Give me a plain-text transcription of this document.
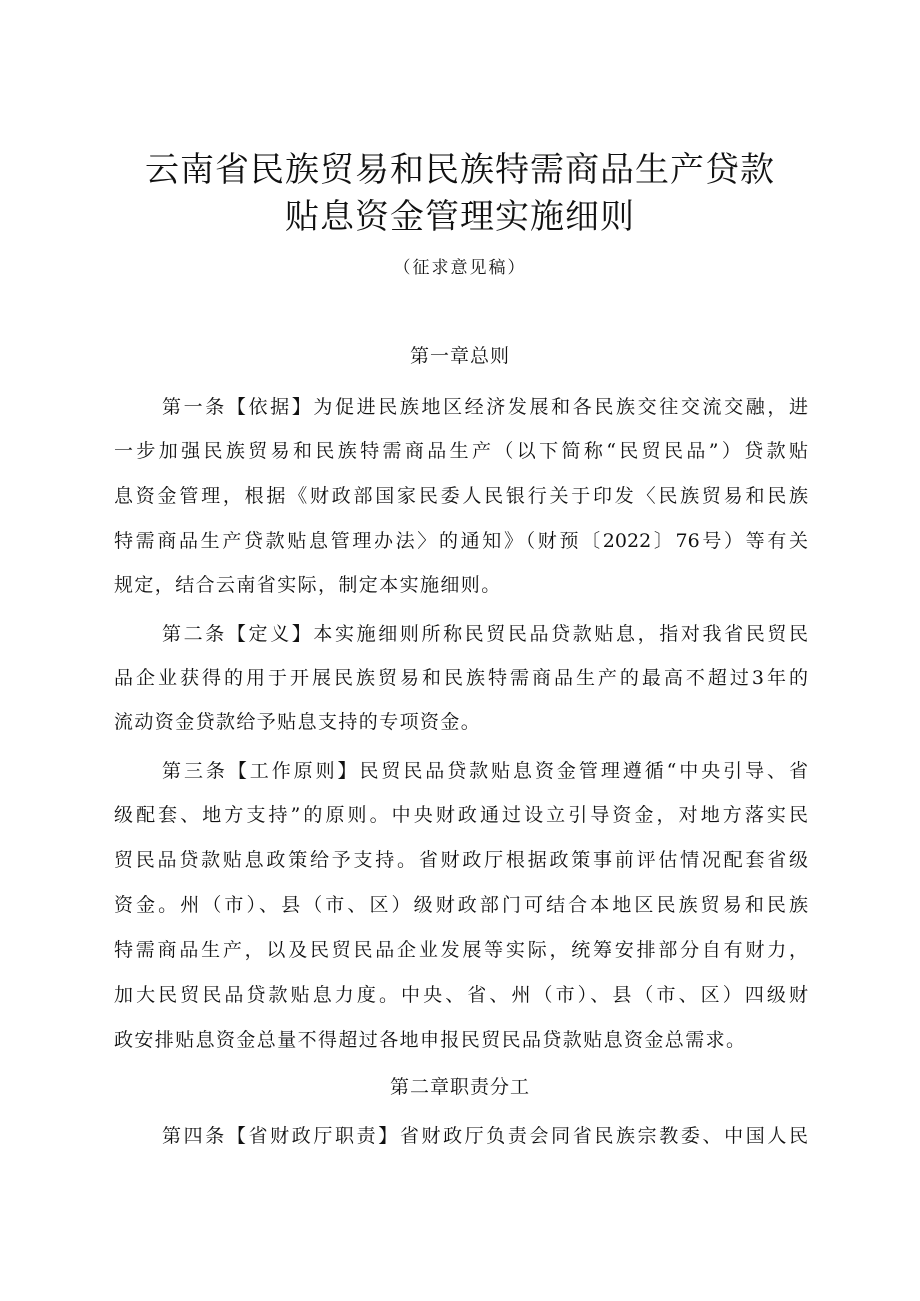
云南省民族贸易和民族特需商品生产贷款
贴息资金管理实施细则
（征求意见稿）
第一章总则
第一条【依据】为促进民族地区经济发展和各民族交往交流交融，进
一步加强民族贸易和民族特需商品生产（以下简称“民贸民品”）贷款贴
息资金管理，根据《财政部国家民委人民银行关于印发〈民族贸易和民族
特需商品生产贷款贴息管理办法〉的通知》（财预〔2022〕76号）等有关
规定，结合云南省实际，制定本实施细则。
第二条【定义】本实施细则所称民贸民品贷款贴息，指对我省民贸民
品企业获得的用于开展民族贸易和民族特需商品生产的最高不超过3年的
流动资金贷款给予贴息支持的专项资金。
第三条【工作原则】民贸民品贷款贴息资金管理遵循“中央引导、省
级配套、地方支持”的原则。中央财政通过设立引导资金，对地方落实民
贸民品贷款贴息政策给予支持。省财政厅根据政策事前评估情况配套省级
资金。州（市）、县（市、区）级财政部门可结合本地区民族贸易和民族
特需商品生产，以及民贸民品企业发展等实际，统筹安排部分自有财力，
加大民贸民品贷款贴息力度。中央、省、州（市）、县（市、区）四级财
政安排贴息资金总量不得超过各地申报民贸民品贷款贴息资金总需求。
第二章职责分工
第四条【省财政厅职责】省财政厅负责会同省民族宗教委、中国人民
